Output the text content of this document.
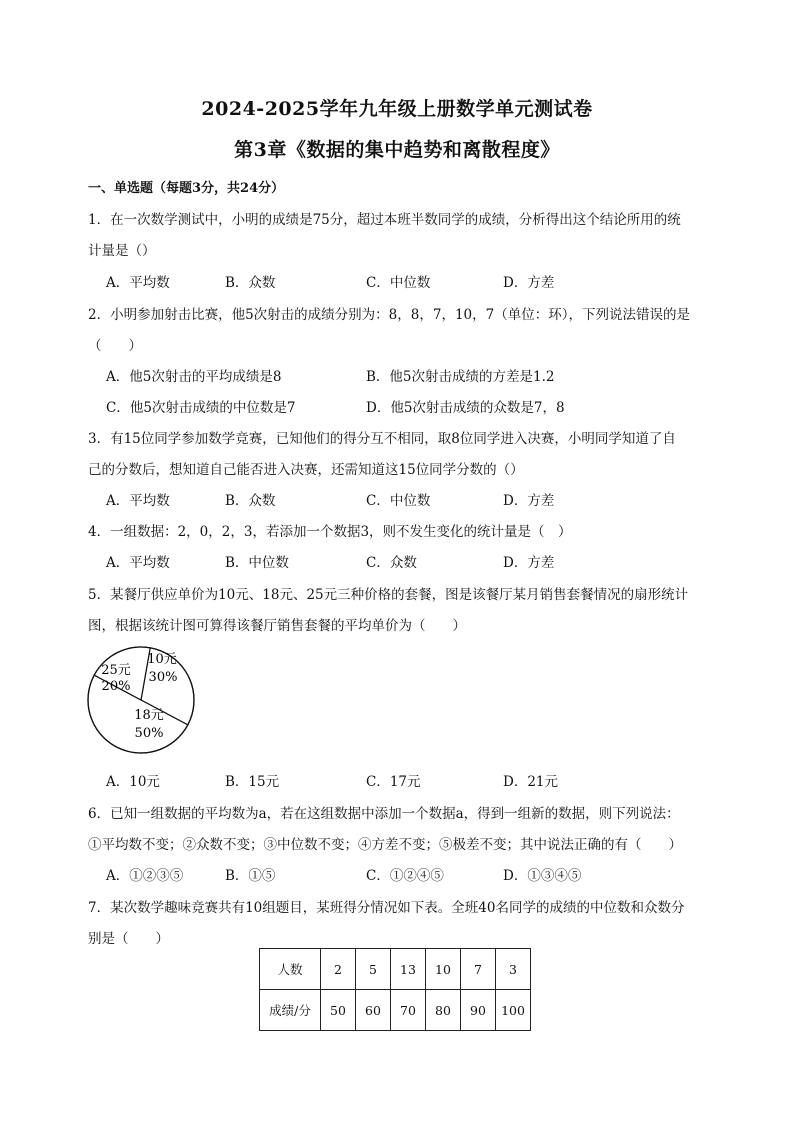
2024-2025学年九年级上册数学单元测试卷
第3章《数据的集中趋势和离散程度》
一、单选题（每题3分，共24分）
1．在一次数学测试中，小明的成绩是75分，超过本班半数同学的成绩，分析得出这个结论所用的统
计量是（）
A．平均数	B．众数	C．中位数	D．方差
2．小明参加射击比赛，他5次射击的成绩分别为：8，8，7，10，7（单位：环），下列说法错误的是
（　　）
A．他5次射击的平均成绩是8	B．他5次射击成绩的方差是1.2
C．他5次射击成绩的中位数是7	D．他5次射击成绩的众数是7，8
3．有15位同学参加数学竞赛，已知他们的得分互不相同，取8位同学进入决赛，小明同学知道了自
己的分数后，想知道自己能否进入决赛，还需知道这15位同学分数的（）
A．平均数	B．众数	C．中位数	D．方差
4．一组数据：2，0，2，3，若添加一个数据3，则不发生变化的统计量是（　）
A．平均数	B．中位数	C．众数	D．方差
5．某餐厅供应单价为10元、18元、25元三种价格的套餐，图是该餐厅某月销售套餐情况的扇形统计
图，根据该统计图可算得该餐厅销售套餐的平均单价为（　　）
10元
30%
25元
20%
18元
50%
A．10元	B．15元	C．17元	D．21元
6．已知一组数据的平均数为a，若在这组数据中添加一个数据a，得到一组新的数据，则下列说法：
①平均数不变；②众数不变；③中位数不变；④方差不变；⑤极差不变；其中说法正确的有（　　）
A．①②③⑤	B．①⑤	C．①②④⑤	D．①③④⑤
7．某次数学趣味竞赛共有10组题目，某班得分情况如下表。全班40名同学的成绩的中位数和众数分
别是（　　）
人数	2	5	13	10	7	3
成绩/分	50	60	70	80	90	100
